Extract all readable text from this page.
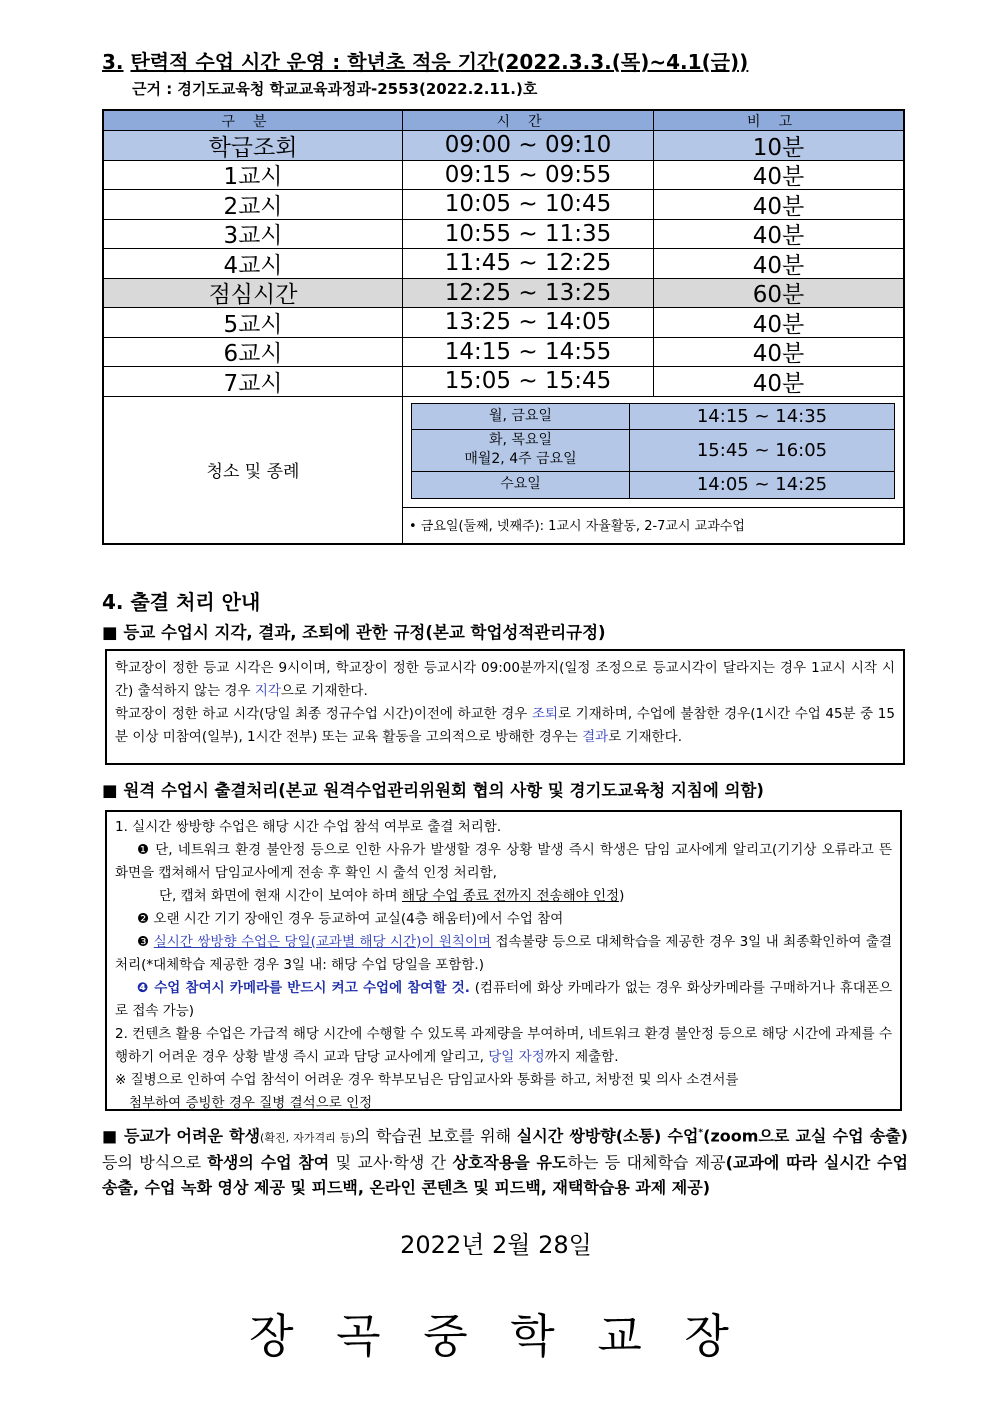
3. 탄력적 수업 시간 운영 : 학년초 적응 기간(2022.3.3.(목)~4.1(금))
근거 : 경기도교육청 학교교육과정과-2553(2022.2.11.)호
구분	시간	비고
학급조회	09:00 ~ 09:10	10분
1교시	09:15 ~ 09:55	40분
2교시	10:05 ~ 10:45	40분
3교시	10:55 ~ 11:35	40분
4교시	11:45 ~ 12:25	40분
점심시간	12:25 ~ 13:25	60분
5교시	13:25 ~ 14:05	40분
6교시	14:15 ~ 14:55	40분
7교시	15:05 ~ 15:45	40분
청소 및 종례
월, 금요일	14:15 ~ 14:35
화, 목요일
매월2, 4주 금요일	15:45 ~ 16:05
수요일	14:05 ~ 14:25
• 금요일(둘째, 넷째주): 1교시 자율활동, 2-7교시 교과수업
4. 출결 처리 안내
■ 등교 수업시 지각, 결과, 조퇴에 관한 규정(본교 학업성적관리규정)
학교장이 정한 등교 시각은 9시이며, 학교장이 정한 등교시각 09:00분까지(일정 조정으로 등교시각이 달라지는 경우 1교시 시작 시간) 출석하지 않는 경우 지각으로 기재한다.
학교장이 정한 하교 시각(당일 최종 정규수업 시간)이전에 하교한 경우 조퇴로 기재하며, 수업에 불참한 경우(1시간 수업 45분 중 15분 이상 미참여(일부), 1시간 전부) 또는 교육 활동을 고의적으로 방해한 경우는 결과로 기재한다.
■ 원격 수업시 출결처리(본교 원격수업관리위원회 협의 사항 및 경기도교육청 지침에 의함)
1. 실시간 쌍방향 수업은 해당 시간 수업 참석 여부로 출결 처리함.
❶ 단, 네트워크 환경 불안정 등으로 인한 사유가 발생할 경우 상황 발생 즉시 학생은 담임 교사에게 알리고(기기상 오류라고 뜬 화면을 캡쳐해서 담임교사에게 전송 후 확인 시 출석 인정 처리함,
단, 캡쳐 화면에 현재 시간이 보여야 하며 해당 수업 종료 전까지 전송해야 인정)
❷ 오랜 시간 기기 장애인 경우 등교하여 교실(4층 해움터)에서 수업 참여
❸ 실시간 쌍방향 수업은 당일(교과별 해당 시간)이 원칙이며 접속불량 등으로 대체학습을 제공한 경우 3일 내 최종확인하여 출결처리(*대체학습 제공한 경우 3일 내: 해당 수업 당일을 포함함.)
❹ 수업 참여시 카메라를 반드시 켜고 수업에 참여할 것. (컴퓨터에 화상 카메라가 없는 경우 화상카메라를 구매하거나 휴대폰으로 접속 가능)
2. 컨텐츠 활용 수업은 가급적 해당 시간에 수행할 수 있도록 과제량을 부여하며, 네트워크 환경 불안정 등으로 해당 시간에 과제를 수행하기 어려운 경우 상황 발생 즉시 교과 담당 교사에게 알리고, 당일 자정까지 제출함.
※ 질병으로 인하여 수업 참석이 어려운 경우 학부모님은 담임교사와 통화를 하고, 처방전 및 의사 소견서를
첨부하여 증빙한 경우 질병 결석으로 인정
■ 등교가 어려운 학생(확진, 자가격리 등)의 학습권 보호를 위해 실시간 쌍방향(소통) 수업*(zoom으로 교실 수업 송출) 등의 방식으로 학생의 수업 참여 및 교사·학생 간 상호작용을 유도하는 등 대체학습 제공(교과에 따라 실시간 수업 송출, 수업 녹화 영상 제공 및 피드백, 온라인 콘텐츠 및 피드백, 재택학습용 과제 제공)
2022년 2월 28일
장 곡 중 학 교 장
